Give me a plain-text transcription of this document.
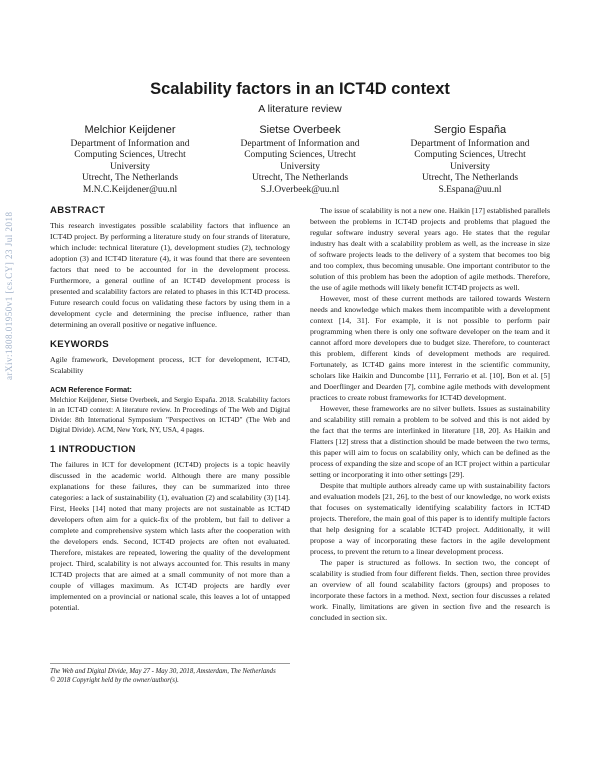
arXiv:1808.01950v1 [cs.CY] 23 Jul 2018
Scalability factors in an ICT4D context
A literature review
Melchior Keijdener
Department of Information and
Computing Sciences, Utrecht
University
Utrecht, The Netherlands
M.N.C.Keijdener@uu.nl
Sietse Overbeek
Department of Information and
Computing Sciences, Utrecht
University
Utrecht, The Netherlands
S.J.Overbeek@uu.nl
Sergio España
Department of Information and
Computing Sciences, Utrecht
University
Utrecht, The Netherlands
S.Espana@uu.nl
ABSTRACT

This research investigates possible scalability factors that influence an ICT4D project. By performing a literature study on four strands of literature, which include: technical literature (1), development studies (2), technology adoption (3) and ICT4D literature (4), it was found that there are seventeen factors that need to be accounted for in the development process. Furthermore, a general outline of an ICT4D development process is presented and scalability factors are related to phases in this ICT4D process. Future research could focus on validating these factors by using them in a development cycle and determining the precise influence, rather than determining an overall positive or negative influence.

KEYWORDS

Agile framework, Development process, ICT for development, ICT4D, Scalability

ACM Reference Format:

Melchior Keijdener, Sietse Overbeek, and Sergio España. 2018. Scalability factors in an ICT4D context: A literature review. In Proceedings of The Web and Digital Divide: 8th International Symposium "Perspectives on ICT4D" (The Web and Digital Divide). ACM, New York, NY, USA, 4 pages.

1 INTRODUCTION

The failures in ICT for development (ICT4D) projects is a topic heavily discussed in the academic world. Although there are many possible explanations for these failures, they can be summarized into three categories: a lack of sustainability (1), evaluation (2) and scalability (3) [14]. First, Heeks [14] noted that many projects are not sustainable as ICT4D developers often aim for a quick-fix of the problem, but fail to deliver a complete and comprehensive system which lasts after the cooperation with the developers ends. Second, ICT4D projects are often not evaluated. Therefore, mistakes are repeated, lowering the quality of the development project. Third, scalability is not always accounted for. This results in many ICT4D projects that are aimed at a small community of not more than a couple of villages maximum. As ICT4D projects are hardly ever implemented on a provincial or national scale, this leaves a lot of untapped potential.

The Web and Digital Divide, May 27 - May 30, 2018, Amsterdam, The Netherlands
© 2018 Copyright held by the owner/author(s).

The issue of scalability is not a new one. Haikin [17] established parallels between the problems in ICT4D projects and problems that plagued the regular software industry several years ago. He states that the regular industry has dealt with a scalability problem as well, as the increase in size of software projects leads to the delivery of a system that becomes too big and too complex, thus becoming unusable. One important contributor to the solution of this problem has been the adoption of agile methods. Therefore, the use of agile methods will likely benefit ICT4D projects as well.

However, most of these current methods are tailored towards Western needs and knowledge which makes them incompatible with a development context [14, 31]. For example, it is not possible to perform pair programming when there is only one software developer on the team and it cannot afford more developers due to budget size. Therefore, to counteract this problem, different kinds of development methods are required. Fortunately, as ICT4D gains more interest in the scientific community, scholars like Haikin and Duncombe [11], Ferrario et al. [10], Bon et al. [5] and Doerflinger and Dearden [7], combine agile methods with development practices to create robust frameworks for ICT4D development.

However, these frameworks are no silver bullets. Issues as sustainability and scalability still remain a problem to be solved and this is not aided by the fact that the terms are interlinked in literature [18, 20]. As Haikin and Flatters [12] stress that a distinction should be made between the two terms, this paper will aim to focus on scalability only, which can be defined as the process of expanding the size and scope of an ICT project within a particular setting or incorporating it into other settings [29].

Despite that multiple authors already came up with sustainability factors and evaluation models [21, 26], to the best of our knowledge, no work exists that focuses on systematically identifying scalability factors in ICT4D projects. Therefore, the main goal of this paper is to identify multiple factors that help designing for a scalable ICT4D project. Additionally, it will propose a way of incorporating these factors in the agile development process, to prevent the return to a linear development process.

The paper is structured as follows. In section two, the concept of scalability is studied from four different fields. Then, section three provides an overview of all found scalability factors (groups) and proposes to incorporate these factors in a method. Next, section four discusses a related work. Finally, limitations are given in section five and the research is concluded in section six.
